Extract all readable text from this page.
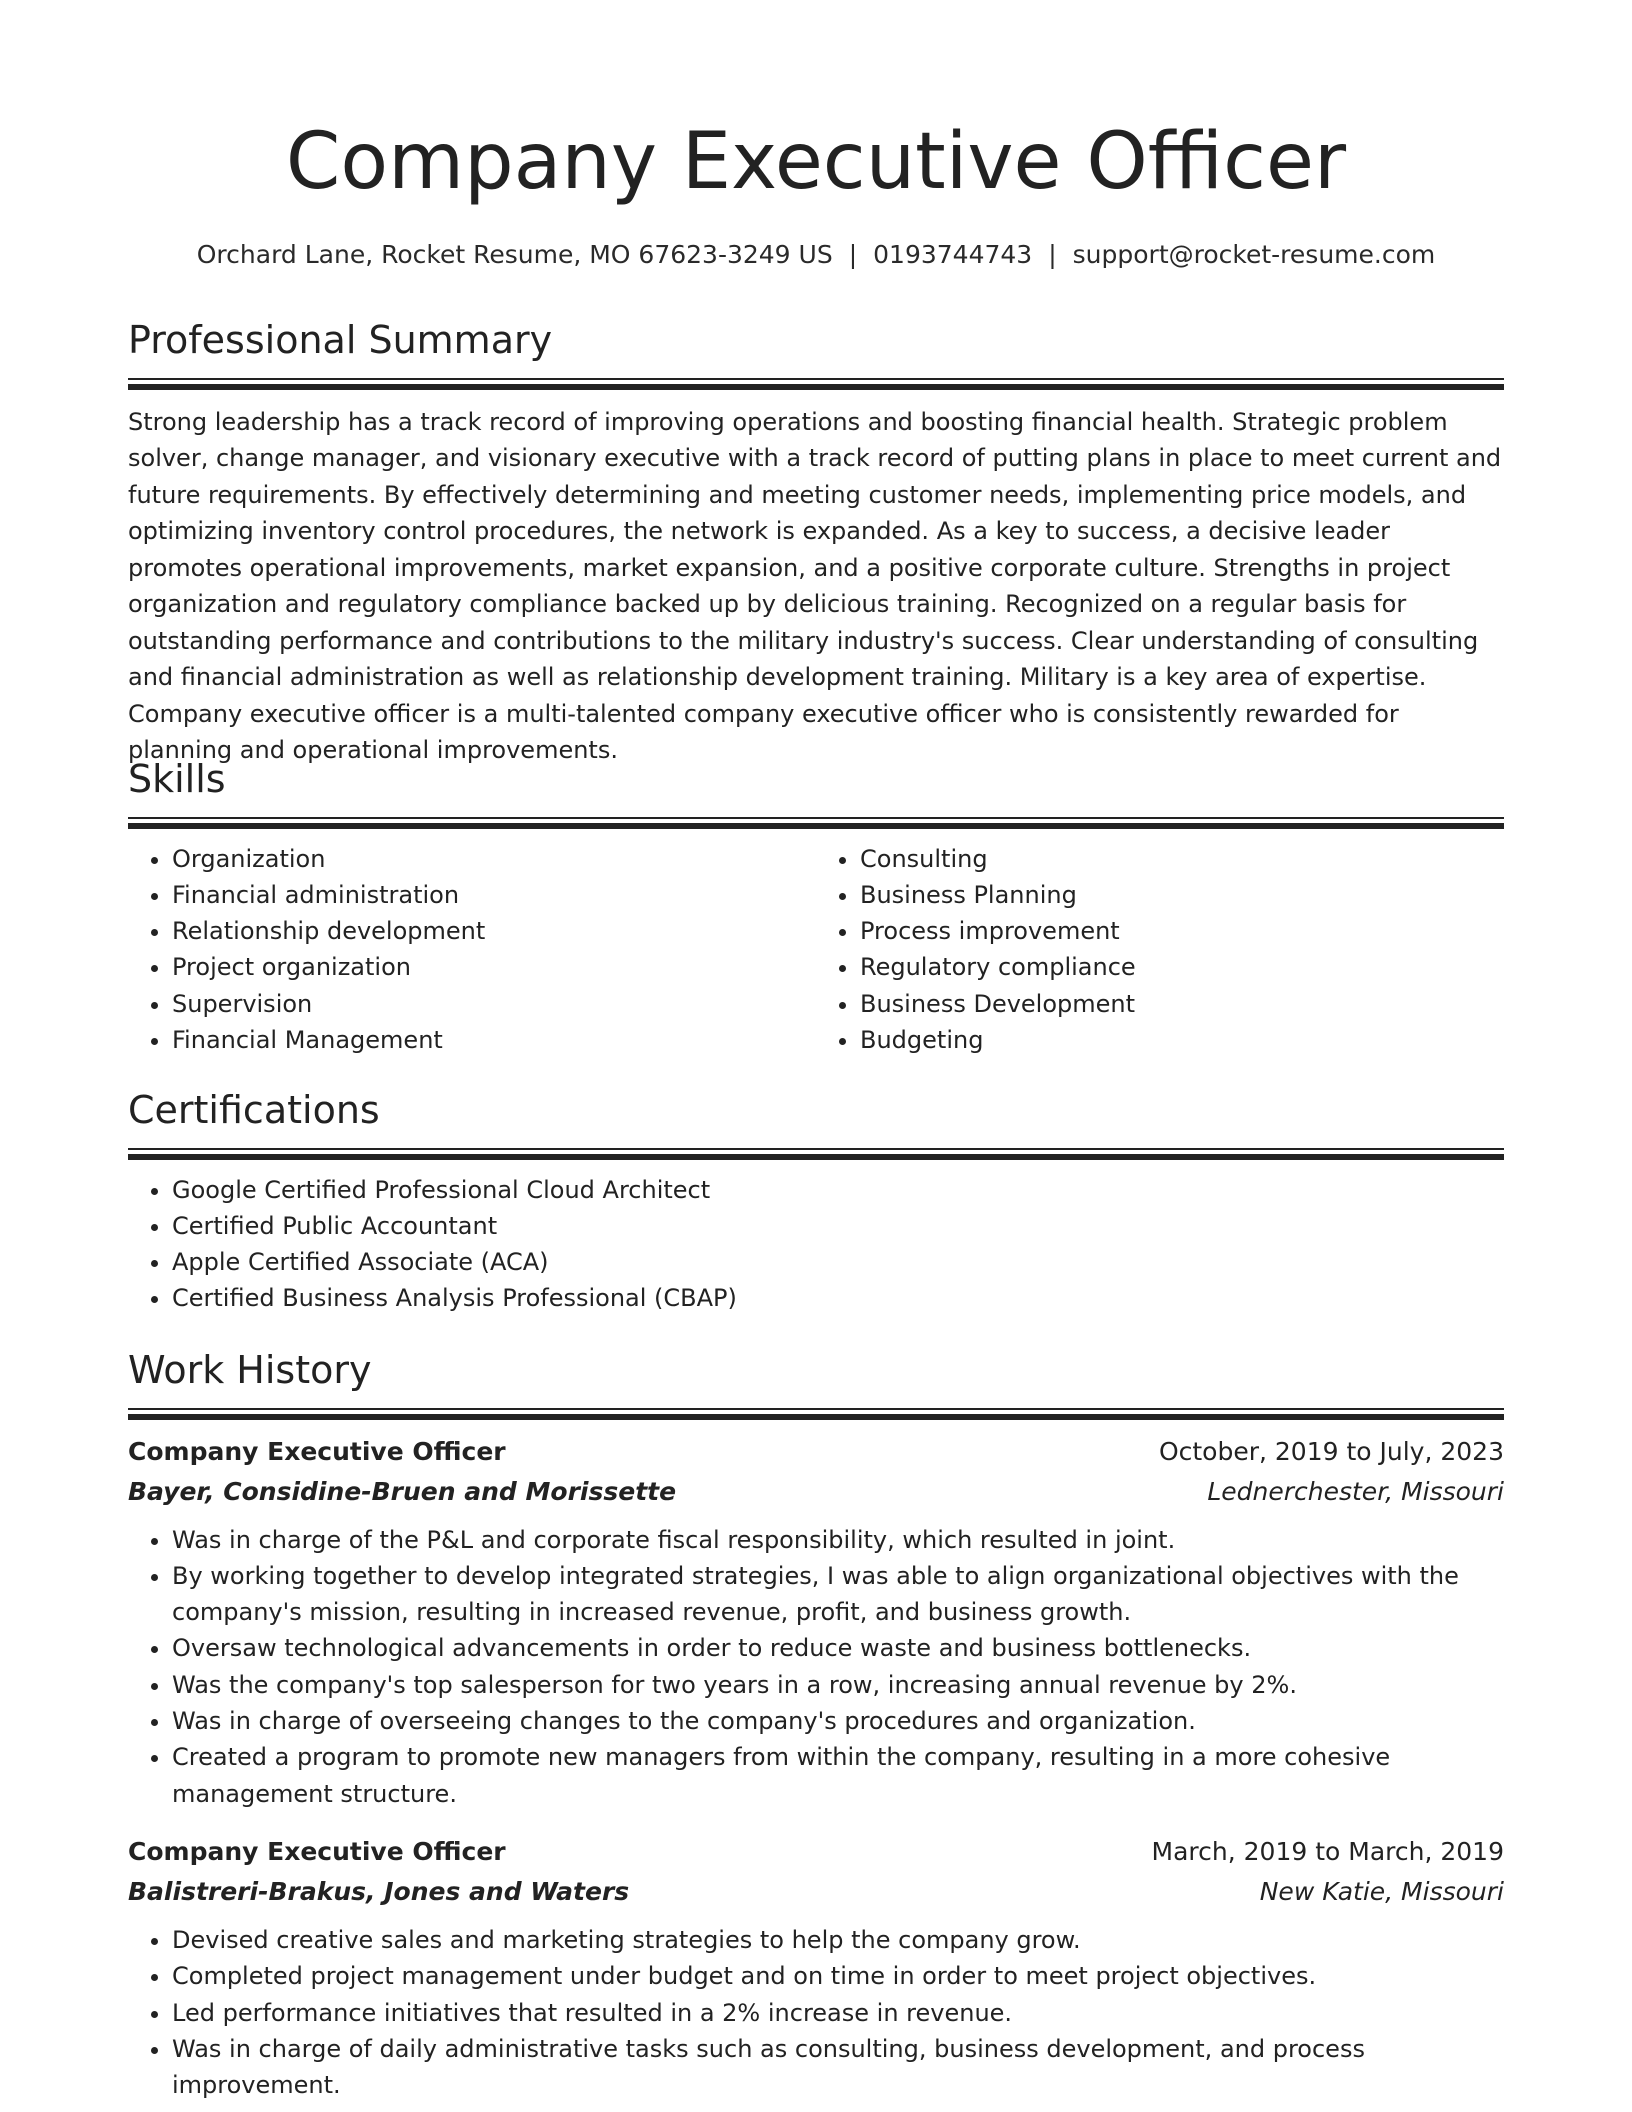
Company Executive Officer
Orchard Lane, Rocket Resume, MO 67623-3249 US | 0193744743 | support@rocket-resume.com
Professional Summary

Strong leadership has a track record of improving operations and boosting financial health. Strategic problem solver, change manager, and visionary executive with a track record of putting plans in place to meet current and future requirements. By effectively determining and meeting customer needs, implementing price models, and optimizing inventory control procedures, the network is expanded. As a key to success, a decisive leader promotes operational improvements, market expansion, and a positive corporate culture. Strengths in project organization and regulatory compliance backed up by delicious training. Recognized on a regular basis for outstanding performance and contributions to the military industry's success. Clear understanding of consulting and financial administration as well as relationship development training. Military is a key area of expertise. Company executive officer is a multi-talented company executive officer who is consistently rewarded for planning and operational improvements.

Skills
• Organization
• Financial administration
• Relationship development
• Project organization
• Supervision
• Financial Management
• Consulting
• Business Planning
• Process improvement
• Regulatory compliance
• Business Development
• Budgeting
Certifications
• Google Certified Professional Cloud Architect
• Certified Public Accountant
• Apple Certified Associate (ACA)
• Certified Business Analysis Professional (CBAP)
Work History
Company Executive Officer	October, 2019 to July, 2023
Bayer, Considine-Bruen and Morissette	Lednerchester, Missouri
• Was in charge of the P&L and corporate fiscal responsibility, which resulted in joint.
• By working together to develop integrated strategies, I was able to align organizational objectives with the company's mission, resulting in increased revenue, profit, and business growth.
• Oversaw technological advancements in order to reduce waste and business bottlenecks.
• Was the company's top salesperson for two years in a row, increasing annual revenue by 2%.
• Was in charge of overseeing changes to the company's procedures and organization.
• Created a program to promote new managers from within the company, resulting in a more cohesive management structure.
Company Executive Officer	March, 2019 to March, 2019
Balistreri-Brakus, Jones and Waters	New Katie, Missouri
• Devised creative sales and marketing strategies to help the company grow.
• Completed project management under budget and on time in order to meet project objectives.
• Led performance initiatives that resulted in a 2% increase in revenue.
• Was in charge of daily administrative tasks such as consulting, business development, and process improvement.
